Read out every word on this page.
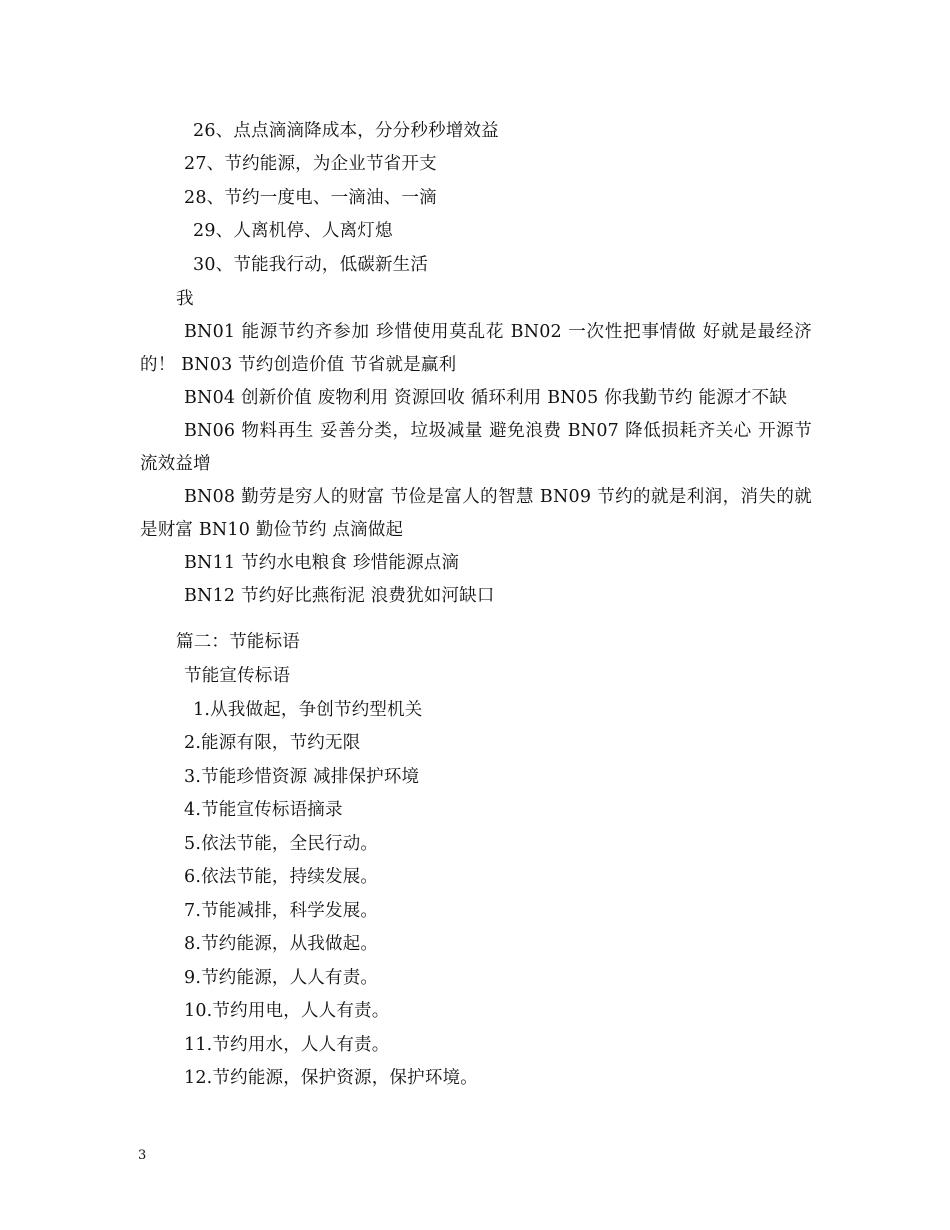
26、点点滴滴降成本，分分秒秒增效益
27、节约能源，为企业节省开支
28、节约一度电、一滴油、一滴
29、人离机停、人离灯熄
30、节能我行动，低碳新生活
我

BN01 能源节约齐参加 珍惜使用莫乱花 BN02 一次性把事情做 好就是最经济的！ BN03 节约创造价值 节省就是赢利

BN04 创新价值 废物利用 资源回收 循环利用 BN05 你我勤节约 能源才不缺

BN06 物料再生 妥善分类，垃圾减量 避免浪费 BN07 降低损耗齐关心 开源节流效益增

BN08 勤劳是穷人的财富 节俭是富人的智慧 BN09 节约的就是利润，消失的就是财富 BN10 勤俭节约 点滴做起

BN11 节约水电粮食 珍惜能源点滴

BN12 节约好比燕衔泥 浪费犹如河缺口

篇二：节能标语
节能宣传标语
1.从我做起，争创节约型机关
2.能源有限，节约无限
3.节能珍惜资源 减排保护环境
4.节能宣传标语摘录
5.依法节能，全民行动。
6.依法节能，持续发展。
7.节能减排，科学发展。
8.节约能源，从我做起。
9.节约能源，人人有责。
10.节约用电，人人有责。
11.节约用水，人人有责。
12.节约能源，保护资源，保护环境。
3
